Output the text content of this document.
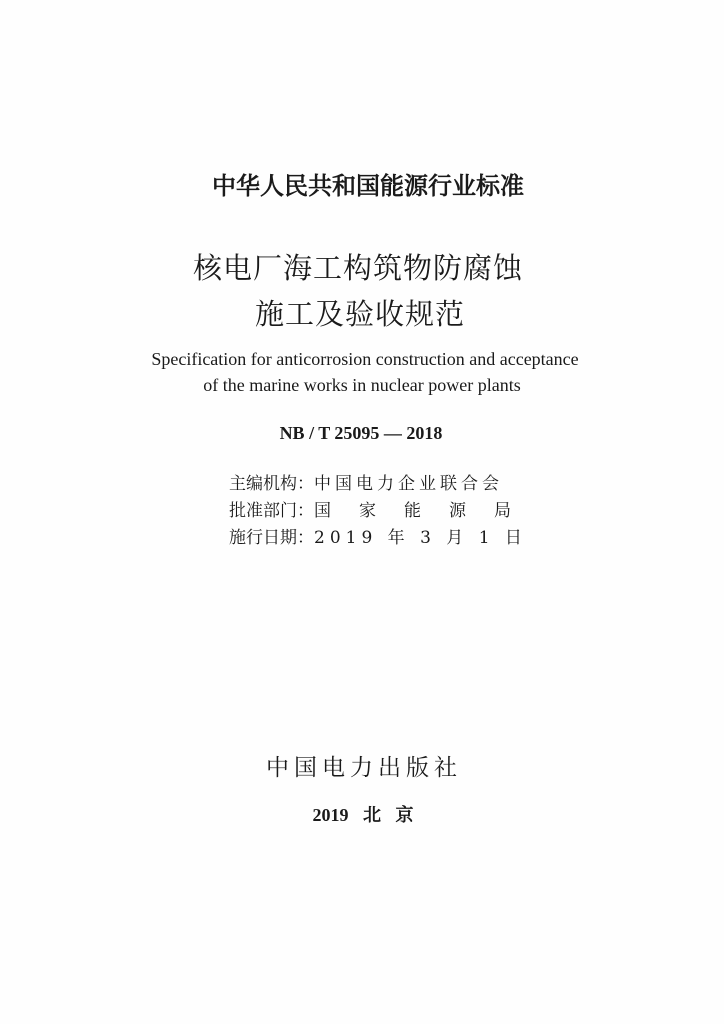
中华人民共和国能源行业标准
核电厂海工构筑物防腐蚀
施工及验收规范
Specification for anticorrosion construction and acceptance
of the marine works in nuclear power plants
NB / T 25095 — 2018
主编机构：中国电力企业联合会
批准部门：国 家 能 源 局
施行日期：2019 年 3 月 1 日
中国电力出版社
2019 北 京
